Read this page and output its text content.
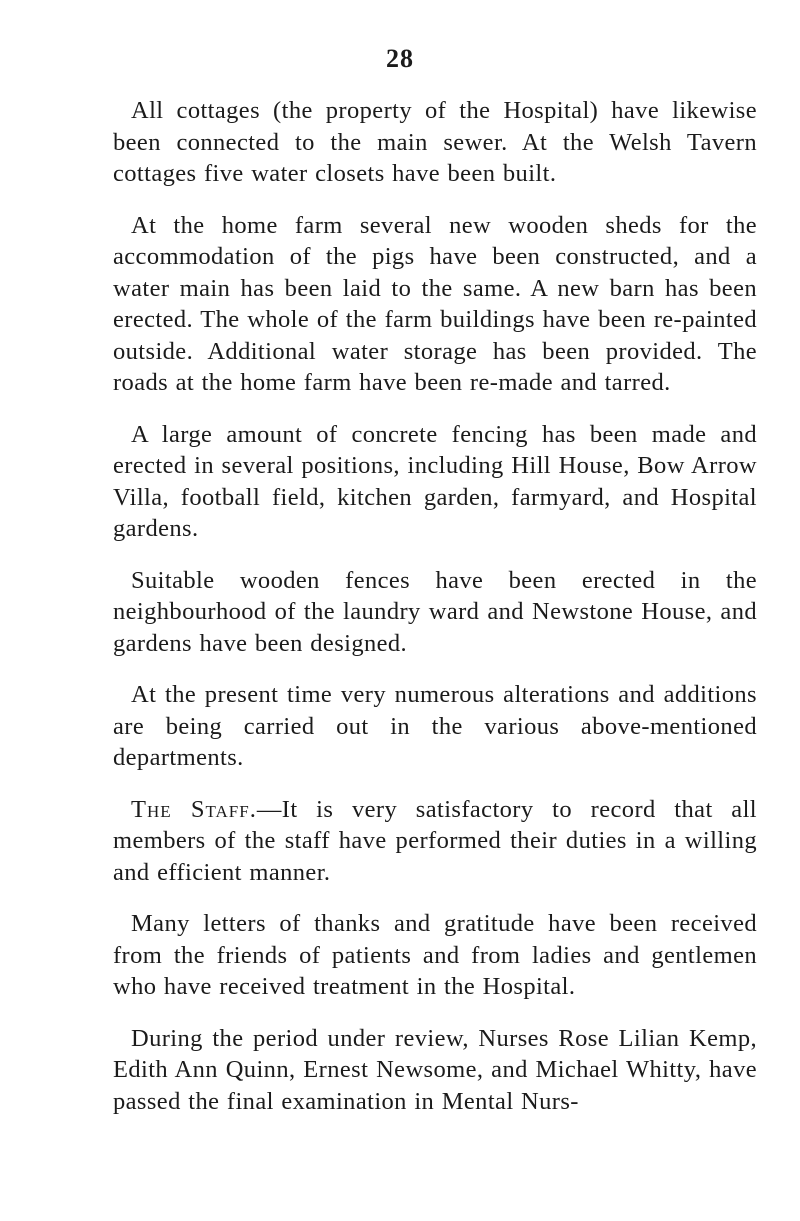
28

All cottages (the property of the Hospital) have likewise been connected to the main sewer. At the Welsh Tavern cottages five water closets have been built.

At the home farm several new wooden sheds for the accommodation of the pigs have been constructed, and a water main has been laid to the same. A new barn has been erected. The whole of the farm buildings have been re-painted outside. Additional water storage has been provided. The roads at the home farm have been re-made and tarred.

A large amount of concrete fencing has been made and erected in several positions, including Hill House, Bow Arrow Villa, football field, kitchen garden, farmyard, and Hospital gardens.

Suitable wooden fences have been erected in the neighbourhood of the laundry ward and Newstone House, and gardens have been designed.

At the present time very numerous alterations and additions are being carried out in the various above-mentioned departments.

The Staff.—It is very satisfactory to record that all members of the staff have performed their duties in a willing and efficient manner.

Many letters of thanks and gratitude have been received from the friends of patients and from ladies and gentlemen who have received treatment in the Hospital.

During the period under review, Nurses Rose Lilian Kemp, Edith Ann Quinn, Ernest Newsome, and Michael Whitty, have passed the final examination in Mental Nurs-
